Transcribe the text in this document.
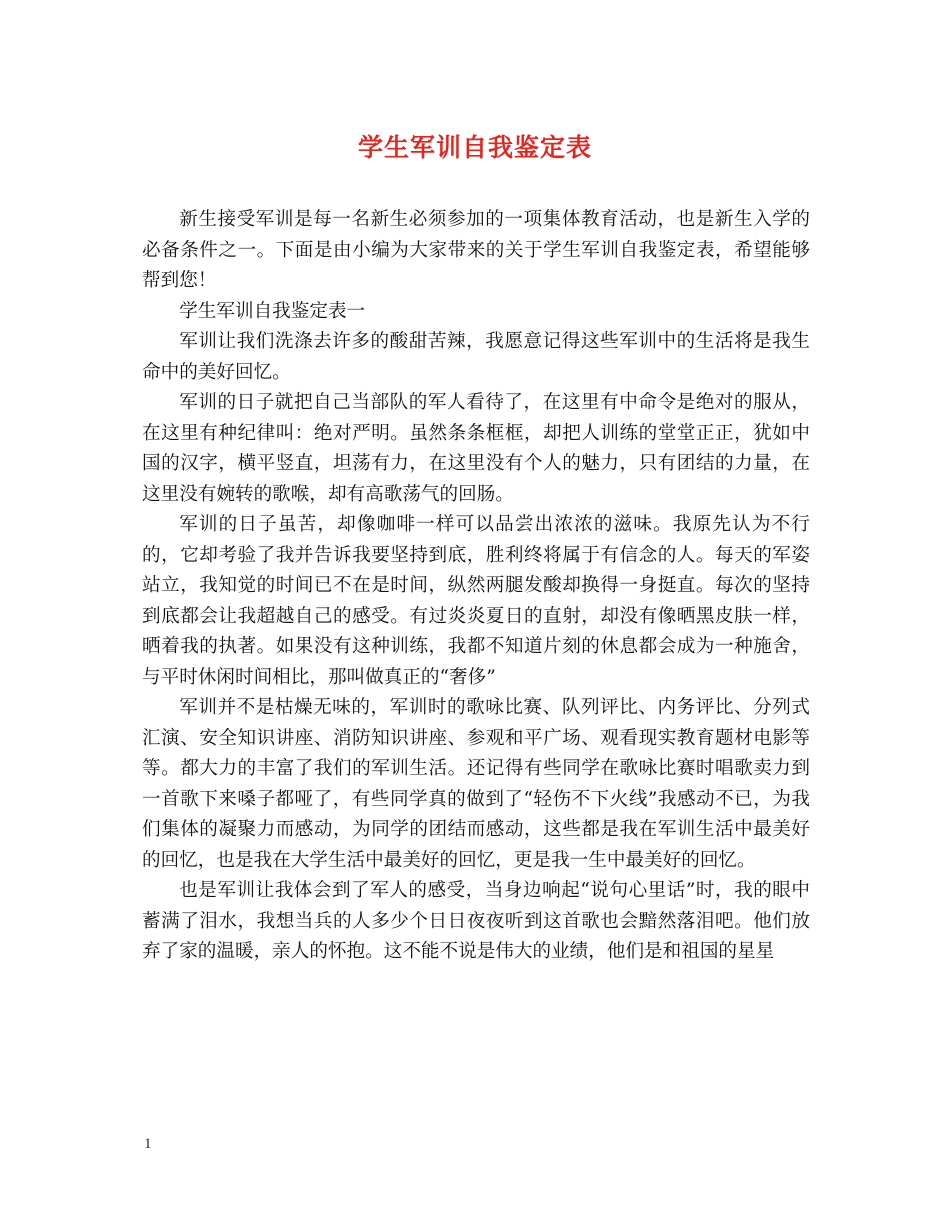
学生军训自我鉴定表

新生接受军训是每一名新生必须参加的一项集体教育活动，也是新生入学的必备条件之一。下面是由小编为大家带来的关于学生军训自我鉴定表，希望能够帮到您！

学生军训自我鉴定表一

军训让我们洗涤去许多的酸甜苦辣，我愿意记得这些军训中的生活将是我生命中的美好回忆。

军训的日子就把自己当部队的军人看待了，在这里有中命令是绝对的服从，在这里有种纪律叫：绝对严明。虽然条条框框，却把人训练的堂堂正正，犹如中国的汉字，横平竖直，坦荡有力，在这里没有个人的魅力，只有团结的力量，在这里没有婉转的歌喉，却有高歌荡气的回肠。

军训的日子虽苦，却像咖啡一样可以品尝出浓浓的滋味。我原先认为不行的，它却考验了我并告诉我要坚持到底，胜利终将属于有信念的人。每天的军姿站立，我知觉的时间已不在是时间，纵然两腿发酸却换得一身挺直。每次的坚持到底都会让我超越自己的感受。有过炎炎夏日的直射，却没有像晒黑皮肤一样，晒着我的执著。如果没有这种训练，我都不知道片刻的休息都会成为一种施舍，与平时休闲时间相比，那叫做真正的“奢侈”

军训并不是枯燥无味的，军训时的歌咏比赛、队列评比、内务评比、分列式汇演、安全知识讲座、消防知识讲座、参观和平广场、观看现实教育题材电影等等。都大力的丰富了我们的军训生活。还记得有些同学在歌咏比赛时唱歌卖力到一首歌下来嗓子都哑了，有些同学真的做到了“轻伤不下火线”我感动不已，为我们集体的凝聚力而感动，为同学的团结而感动，这些都是我在军训生活中最美好的回忆，也是我在大学生活中最美好的回忆，更是我一生中最美好的回忆。

也是军训让我体会到了军人的感受，当身边响起“说句心里话”时，我的眼中蓄满了泪水，我想当兵的人多少个日日夜夜听到这首歌也会黯然落泪吧。他们放弃了家的温暖，亲人的怀抱。这不能不说是伟大的业绩，他们是和祖国的星星

1
